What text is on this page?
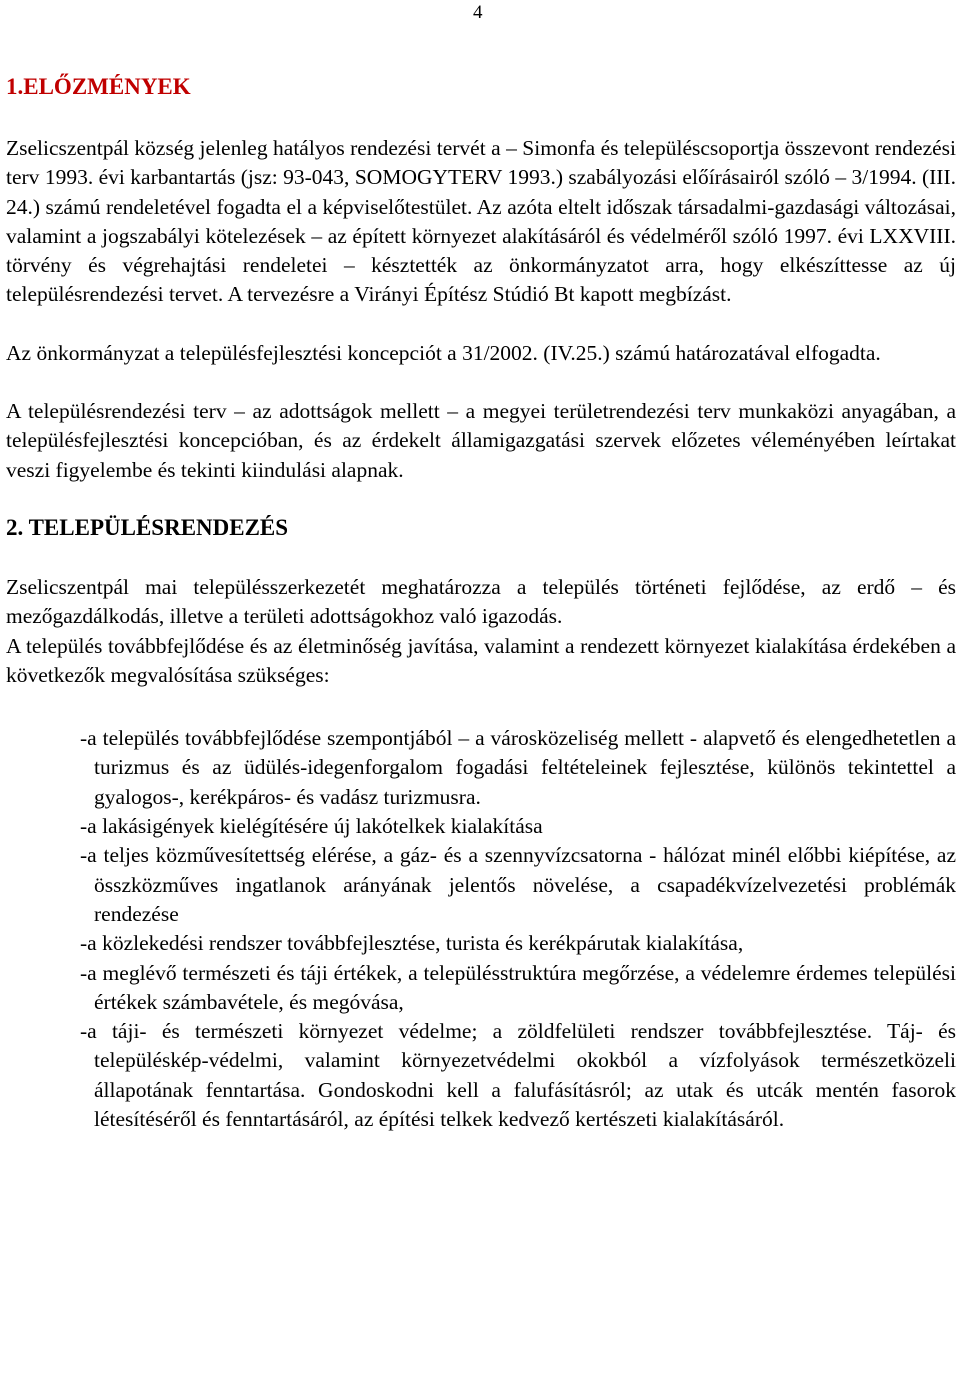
4
1.ELŐZMÉNYEK

Zselicszentpál község jelenleg hatályos rendezési tervét a – Simonfa és településcsoportja összevont rendezési terv 1993. évi karbantartás (jsz: 93-043, SOMOGYTERV 1993.) szabályozási előírásairól szóló – 3/1994. (III. 24.) számú rendeletével fogadta el a képviselőtestület. Az azóta eltelt időszak társadalmi-gazdasági változásai, valamint a jogszabályi kötelezések – az épített környezet alakításáról és védelméről szóló 1997. évi LXXVIII. törvény és végrehajtási rendeletei – késztették az önkormányzatot arra, hogy elkészíttesse az új településrendezési tervet. A tervezésre a Virányi Építész Stúdió Bt kapott megbízást.

Az önkormányzat a településfejlesztési koncepciót a 31/2002. (IV.25.) számú határozatával elfogadta.

A településrendezési terv – az adottságok mellett – a megyei területrendezési terv munkaközi anyagában, a településfejlesztési koncepcióban, és az érdekelt államigazgatási szervek előzetes véleményében leírtakat veszi figyelembe és tekinti kiindulási alapnak.

2. TELEPÜLÉSRENDEZÉS

Zselicszentpál mai településszerkezetét meghatározza a település történeti fejlődése, az erdő – és mezőgazdálkodás, illetve a területi adottságokhoz való igazodás.

A település továbbfejlődése és az életminőség javítása, valamint a rendezett környezet kialakítása érdekében a következők megvalósítása szükséges:

-a település továbbfejlődése szempontjából – a városközeliség mellett - alapvető és elengedhetetlen a turizmus és az üdülés-idegenforgalom fogadási feltételeinek fejlesztése, különös tekintettel a gyalogos-, kerékpáros- és vadász turizmusra.
-a lakásigények kielégítésére új lakótelkek kialakítása
-a teljes közművesítettség elérése, a gáz- és a szennyvízcsatorna - hálózat minél előbbi kiépítése, az összközműves ingatlanok arányának jelentős növelése, a csapadékvízelvezetési problémák rendezése
-a közlekedési rendszer továbbfejlesztése, turista és kerékpárutak kialakítása,
-a meglévő természeti és táji értékek, a településstruktúra megőrzése, a védelemre érdemes települési értékek számbavétele, és megóvása,
-a táji- és természeti környezet védelme; a zöldfelületi rendszer továbbfejlesztése. Táj- és településkép-védelmi, valamint környezetvédelmi okokból a vízfolyások természetközeli állapotának fenntartása. Gondoskodni kell a falufásításról; az utak és utcák mentén fasorok létesítéséről és fenntartásáról, az építési telkek kedvező kertészeti kialakításáról.
